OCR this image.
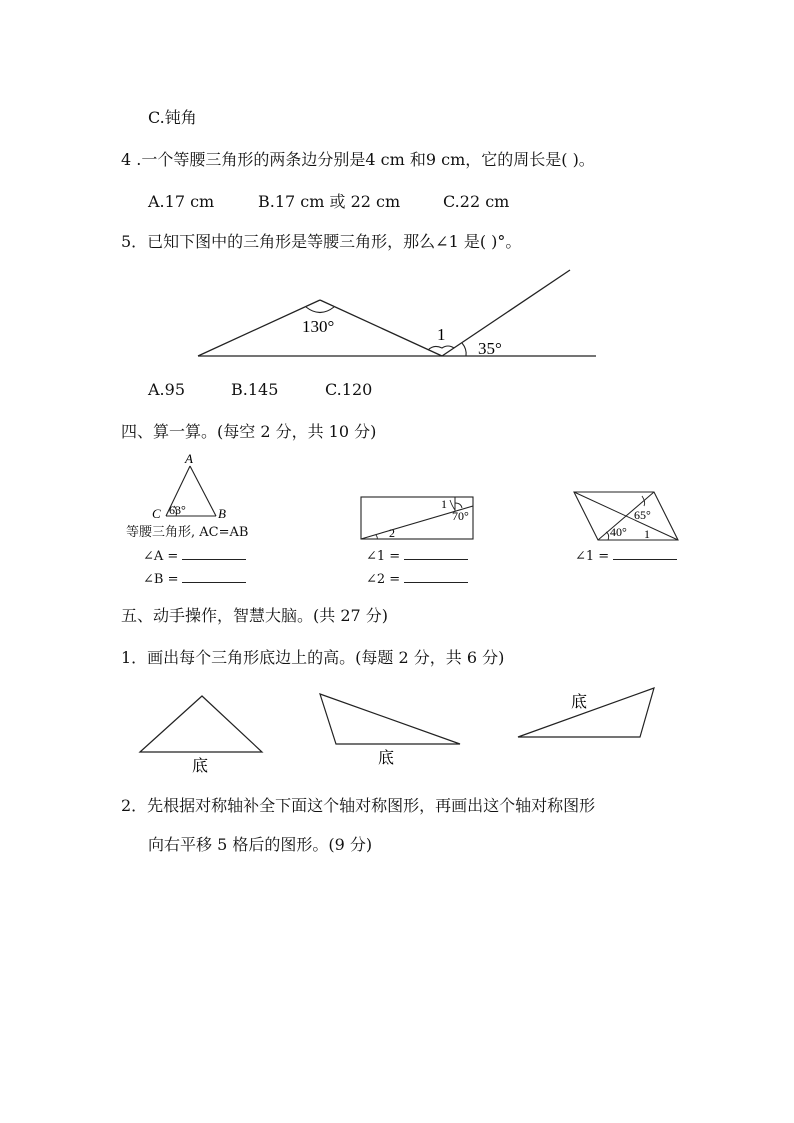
C.钝角
4 .一个等腰三角形的两条边分别是4 cm 和9 cm，它的周长是( )。
A.17 cm	B.17 cm 或 22 cm	C.22 cm
5．已知下图中的三角形是等腰三角形，那么∠1 是( )°。
130°	1
35°
A.95	B.145	C.120
四、算一算。(每空 2 分，共 10 分)
A
C 63° B
等腰三角形, AC=AB
∠A =
∠B =
1
70°
2
∠1 =
∠2 =
65°
40° 1
∠1 =
五、动手操作，智慧大脑。(共 27 分)
1．画出每个三角形底边上的高。(每题 2 分，共 6 分)
底	底
底
2．先根据对称轴补全下面这个轴对称图形，再画出这个轴对称图形
向右平移 5 格后的图形。(9 分)
